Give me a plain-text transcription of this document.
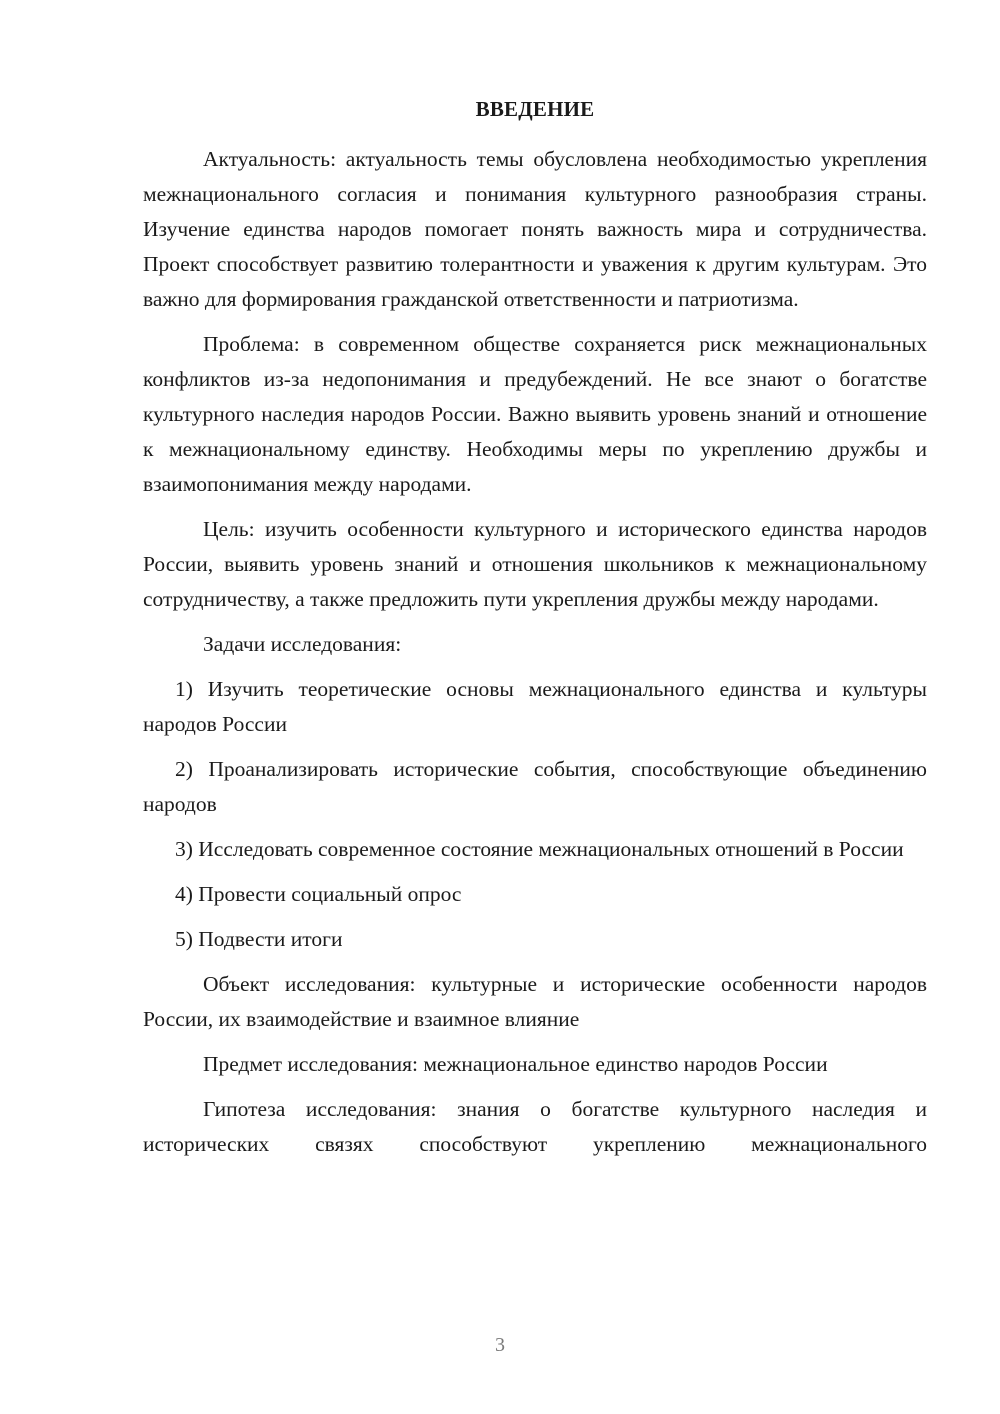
ВВЕДЕНИЕ

Актуальность: актуальность темы обусловлена необходимостью укрепления межнационального согласия и понимания культурного разнообразия страны. Изучение единства народов помогает понять важность мира и сотрудничества. Проект способствует развитию толерантности и уважения к другим культурам. Это важно для формирования гражданской ответственности и патриотизма.

Проблема: в современном обществе сохраняется риск межнациональных конфликтов из-за недопонимания и предубеждений. Не все знают о богатстве культурного наследия народов России. Важно выявить уровень знаний и отношение к межнациональному единству. Необходимы меры по укреплению дружбы и взаимопонимания между народами.

Цель: изучить особенности культурного и исторического единства народов России, выявить уровень знаний и отношения школьников к межнациональному сотрудничеству, а также предложить пути укрепления дружбы между народами.

Задачи исследования:

1) Изучить теоретические основы межнационального единства и культуры народов России

2) Проанализировать исторические события, способствующие объединению народов

3) Исследовать современное состояние межнациональных отношений в России

4) Провести социальный опрос

5) Подвести итоги

Объект исследования: культурные и исторические особенности народов России, их взаимодействие и взаимное влияние

Предмет исследования: межнациональное единство народов России

Гипотеза исследования: знания о богатстве культурного наследия и исторических связях способствуют укреплению межнационального

3
